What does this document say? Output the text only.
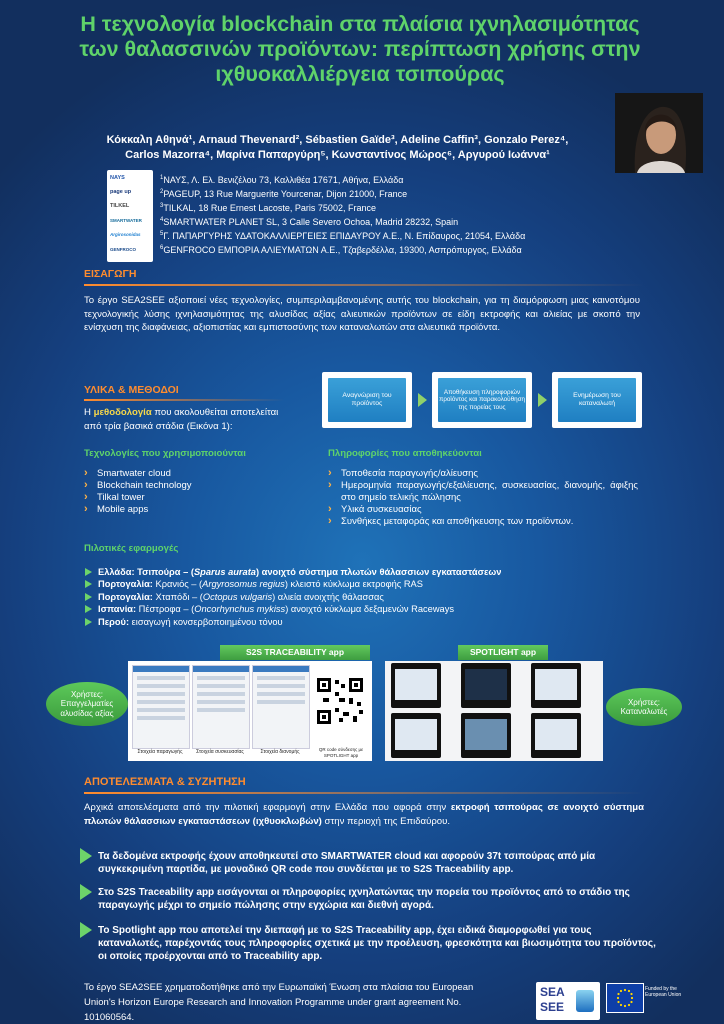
Η τεχνολογία blockchain στα πλαίσια ιχνηλασιμότητας των θαλασσινών προϊόντων: περίπτωση χρήσης στην ιχθυοκαλλιέργεια τσιπούρας
Κόκκαλη Αθηνά¹, Arnaud Thevenard², Sébastien Gaïde³, Adeline Caffin³, Gonzalo Perez⁴,
Carlos Mazorra⁴, Μαρίνα Παπαργύρη⁵, Κωνσταντίνος Μώρος⁶, Αργυρού Ιωάννα¹
NAYS
page up
TILKEL
SMARTWATER
Argirosonidas
GENFROCO
$^1$ΝΑΥΣ, Λ. Ελ. Βενιζέλου 73, Καλλιθέα 17671, Αθήνα, Ελλάδα
$^2$PAGEUP, 13 Rue Marguerite Yourcenar, Dijon 21000, France
$^3$TILKAL, 18 Rue Ernest Lacoste, Paris 75002, France
$^4$SMARTWATER PLANET SL, 3 Calle Severo Ochoa, Madrid 28232, Spain
$^5$Γ. ΠΑΠΑΡΓΥΡΗΣ ΥΔΑΤΟΚΑΛΛΙΕΡΓΕΙΕΣ ΕΠΙΔΑΥΡΟΥ Α.Ε., Ν. Επίδαυρος, 21054, Ελλάδα
$^6$GENFROCO ΕΜΠΟΡΙΑ ΑΛΙΕΥΜΑΤΩΝ Α.Ε., Τζαβερδέλλα, 19300, Ασπρόπυργος, Ελλάδα
ΕΙΣΑΓΩΓΗ
Το έργο SEA2SEE αξιοποιεί νέες τεχνολογίες, συμπεριλαμβανομένης αυτής του blockchain, για τη διαμόρφωση μιας καινοτόμου τεχνολογικής λύσης ιχνηλασιμότητας της αλυσίδας αξίας αλιευτικών προϊόντων σε είδη εκτροφής και αλιείας με σκοπό την ενίσχυση της διαφάνειας, αξιοπιστίας και εμπιστοσύνης των καταναλωτών στα αλιευτικά προϊόντα.
ΥΛΙΚΑ & ΜΕΘΟΔΟΙ
Η μεθοδολογία που ακολουθείται αποτελείται από τρία βασικά στάδια (Εικόνα 1):
Αναγνώριση του προϊόντος
Αποθήκευση πληροφοριών προϊόντος και παρακολούθηση της πορείας τους
Ενημέρωση του καταναλωτή
Τεχνολογίες που χρησιμοποιούνται
› Smartwater cloud
› Blockchain technology
› Tilkal tower
› Mobile apps
Πληροφορίες που αποθηκεύονται
› Τοποθεσία παραγωγής/αλίευσης
› Ημερομηνία παραγωγής/εξαλίευσης, συσκευασίας, διανομής, άφιξης στο σημείο τελικής πώλησης
› Υλικά συσκευασίας
› Συνθήκες μεταφοράς και αποθήκευσης των προϊόντων.
Πιλοτικές εφαρμογές
Ελλάδα: Τσιπούρα – (Sparus aurata) ανοιχτό σύστημα πλωτών θάλασσιων εγκαταστάσεων
Πορτογαλία: Κρανιός – (Argyrosomus regius) κλειστό κύκλωμα εκτροφής RAS
Πορτογαλία: Χταπόδι – (Octopus vulgaris) αλιεία ανοιχτής θάλασσας
Ισπανία: Πέστροφα – (Oncorhynchus mykiss) ανοιχτό κύκλωμα δεξαμενών Raceways
Περού: εισαγωγή κονσερβοποιημένου τόνου
S2S TRACEABILITY app	SPOTLIGHT app
Στοιχεία παραγωγής	Στοιχεία συσκευασίας	Στοιχεία διανομής	QR code σύνδεσης με SPOTLIGHT app
Χρήστες: Επαγγελματίες αλυσίδας αξίας
Χρήστες: Καταναλωτές
ΑΠΟΤΕΛΕΣΜΑΤΑ & ΣΥΖΗΤΗΣΗ
Αρχικά αποτελέσματα από την πιλοτική εφαρμογή στην Ελλάδα που αφορά στην εκτροφή τσιπούρας σε ανοιχτό σύστημα πλωτών θάλασσιων εγκαταστάσεων (ιχθυοκλωβών) στην περιοχή της Επιδαύρου.
Τα δεδομένα εκτροφής έχουν αποθηκευτεί στο SMARTWATER cloud και αφορούν 37t τσιπούρας από μία συγκεκριμένη παρτίδα, με μοναδικό QR code που συνδέεται με το S2S Traceability app.
Στο S2S Traceability app εισάγονται οι πληροφορίες ιχνηλατώντας την πορεία του προϊόντος από το στάδιο της παραγωγής μέχρι το σημείο πώλησης στην εγχώρια και διεθνή αγορά.
Το Spotlight app που αποτελεί την διεπαφή με το S2S Traceability app, έχει ειδικά διαμορφωθεί για τους καταναλωτές, παρέχοντάς τους πληροφορίες σχετικά με την προέλευση, φρεσκότητα και βιωσιμότητα του προϊόντος, οι οποίες προέρχονται από το Traceability app.
Το έργο SEA2SEE χρηματοδοτήθηκε από την Ευρωπαϊκή Ένωση στα πλαίσια του European Union's Horizon Europe Research and Innovation Programme under grant agreement No. 101060564.
SEA SEE
Funded by the European Union
